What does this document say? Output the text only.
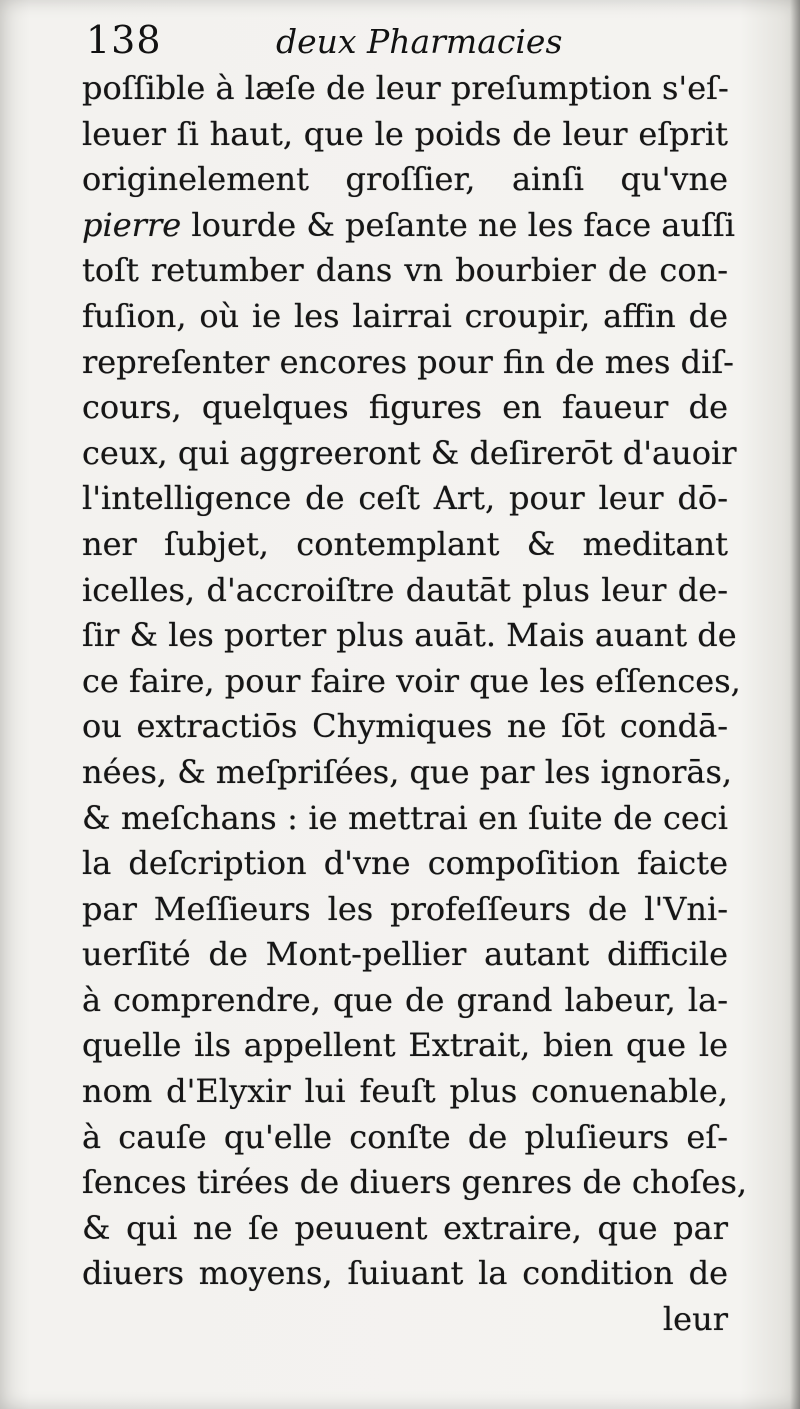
138	deux Pharmacies
poſſible à læſe de leur preſumption s'eſ-
leuer ſi haut, que le poids de leur eſprit
originelement groſſier, ainſi qu'vne
pierre lourde & peſante ne les face auſſi
toſt retumber dans vn bourbier de con-
fuſion, où ie les lairrai croupir, affin de
repreſenter encores pour fin de mes diſ-
cours, quelques figures en faueur de
ceux, qui aggreeront & deſirerōt d'auoir
l'intelligence de ceſt Art, pour leur dō-
ner ſubjet, contemplant & meditant
icelles, d'accroiſtre dautāt plus leur de-
ſir & les porter plus auāt. Mais auant de
ce faire, pour faire voir que les eſſences,
ou extractiōs Chymiques ne ſōt condā-
nées, & meſpriſées, que par les ignorās,
& meſchans : ie mettrai en ſuite de ceci
la deſcription d'vne compoſition faicte
par Meſſieurs les profeſſeurs de l'Vni-
uerſité de Mont-pellier autant difficile
à comprendre, que de grand labeur, la-
quelle ils appellent Extrait, bien que le
nom d'Elyxir lui feuſt plus conuenable,
à cauſe qu'elle conſte de pluſieurs eſ-
ſences tirées de diuers genres de choſes,
& qui ne ſe peuuent extraire, que par
diuers moyens, ſuiuant la condition de
leur
